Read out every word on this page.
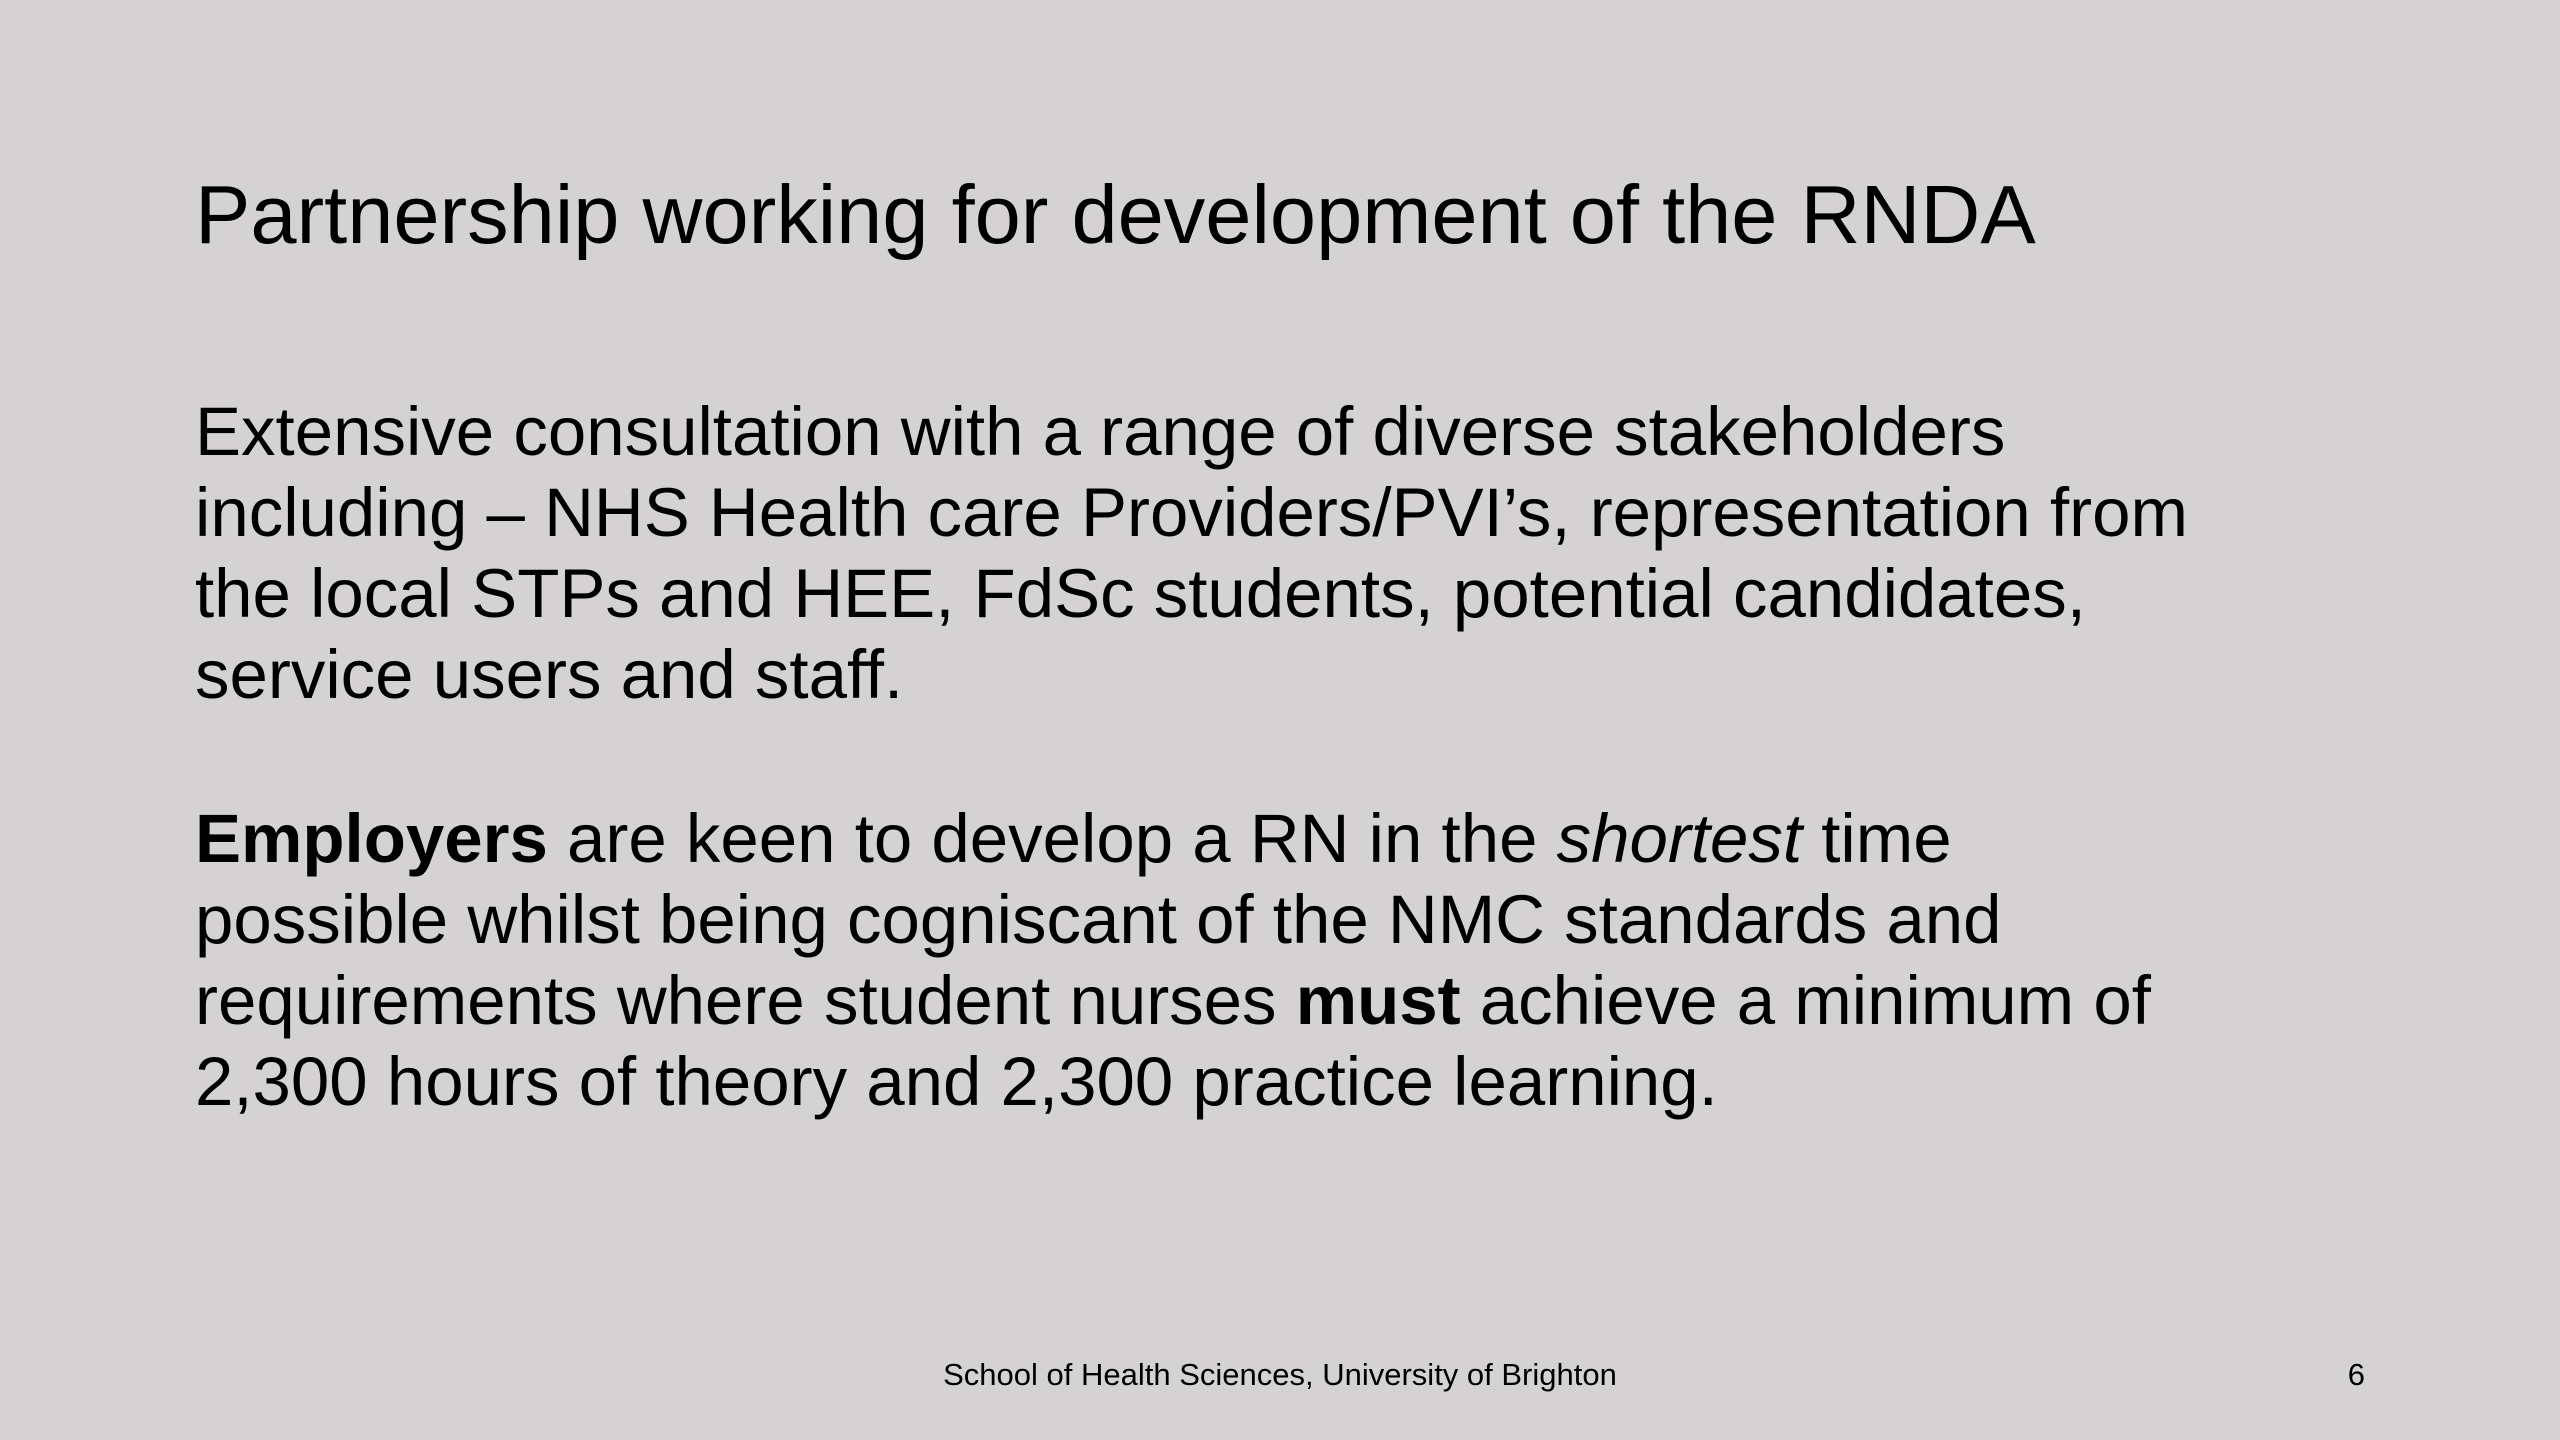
Partnership working for development of the RNDA

Extensive consultation with a range of diverse stakeholders
including – NHS Health care Providers/PVI’s, representation from
the local STPs and HEE, FdSc students, potential candidates,
service users and staff.

Employers are keen to develop a RN in the shortest time
possible whilst being cogniscant of the NMC standards and
requirements where student nurses must achieve a minimum of
2,300 hours of theory and 2,300 practice learning.

School of Health Sciences, University of Brighton	6
